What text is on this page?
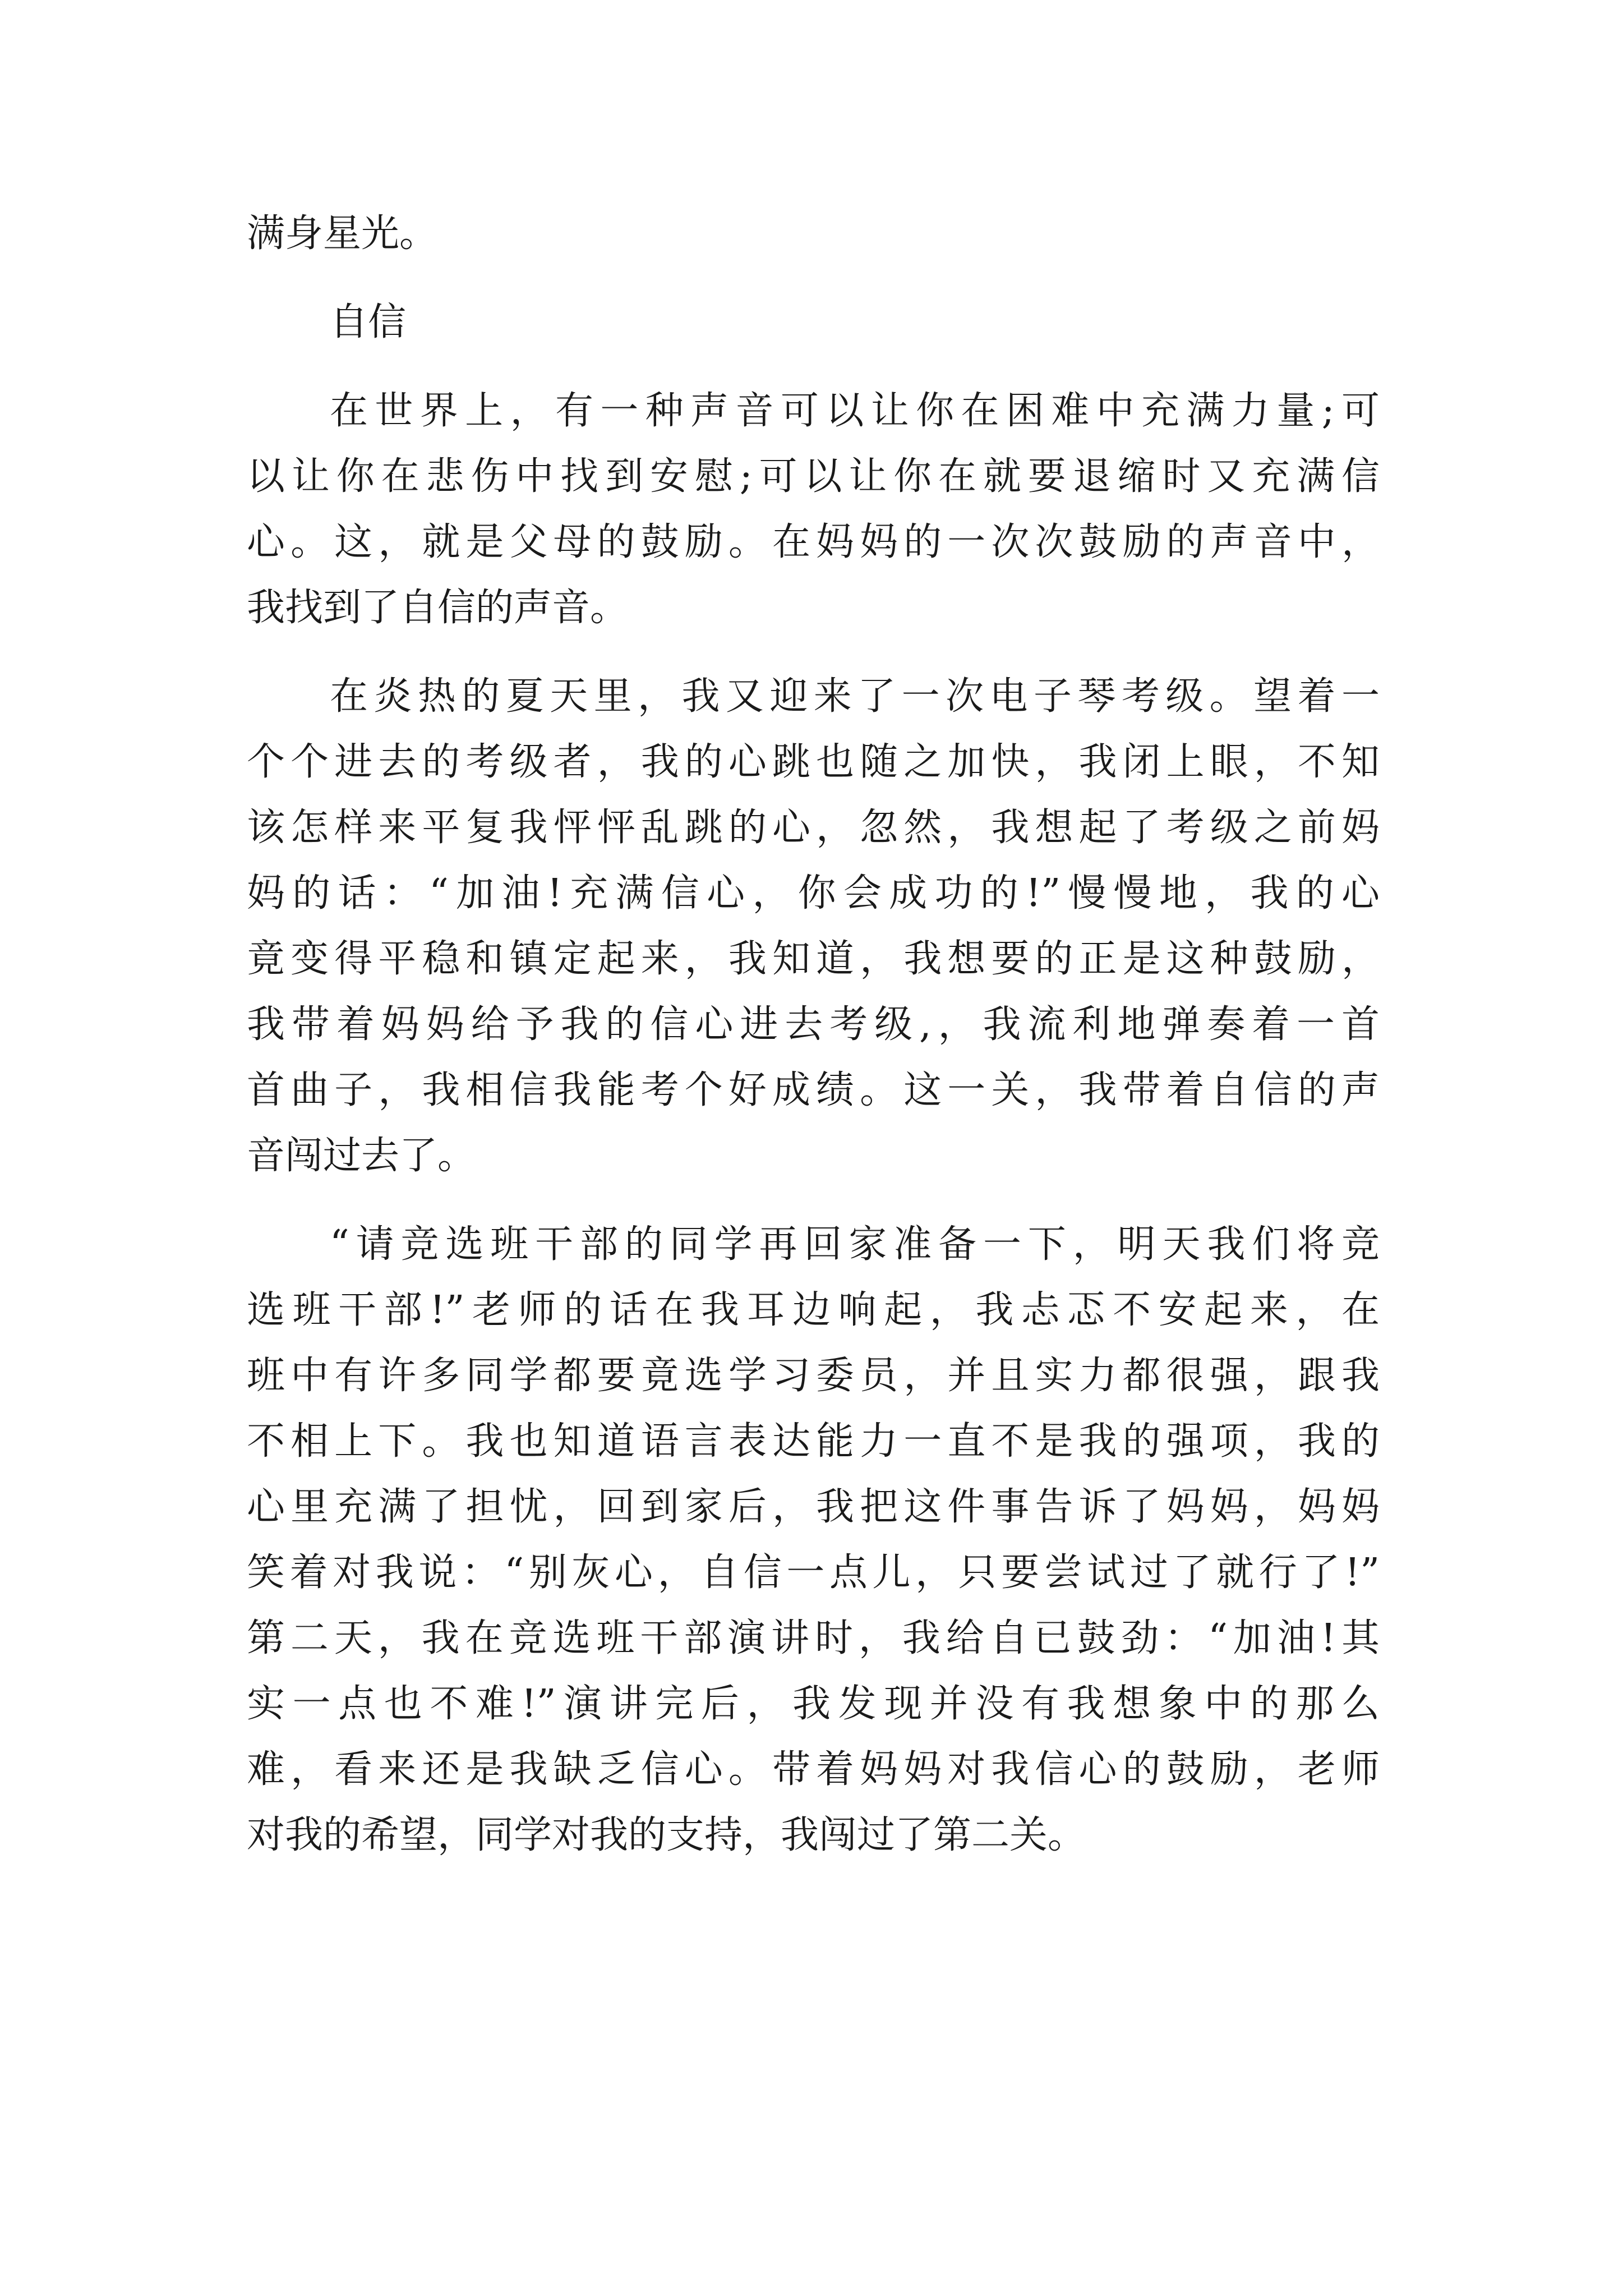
满身星光。
自信
在世界上，有一种声音可以让你在困难中充满力量;可
以让你在悲伤中找到安慰;可以让你在就要退缩时又充满信
心。这，就是父母的鼓励。在妈妈的一次次鼓励的声音中，
我找到了自信的声音。
在炎热的夏天里，我又迎来了一次电子琴考级。望着一
个个进去的考级者，我的心跳也随之加快，我闭上眼，不知
该怎样来平复我怦怦乱跳的心，忽然，我想起了考级之前妈
妈的话：“加油!充满信心，你会成功的!”慢慢地，我的心
竟变得平稳和镇定起来，我知道，我想要的正是这种鼓励，
我带着妈妈给予我的信心进去考级,，我流利地弹奏着一首
首曲子，我相信我能考个好成绩。这一关，我带着自信的声
音闯过去了。
“请竞选班干部的同学再回家准备一下，明天我们将竞
选班干部!”老师的话在我耳边响起，我忐忑不安起来，在
班中有许多同学都要竟选学习委员，并且实力都很强，跟我
不相上下。我也知道语言表达能力一直不是我的强项，我的
心里充满了担忧，回到家后，我把这件事告诉了妈妈，妈妈
笑着对我说：“别灰心，自信一点儿，只要尝试过了就行了!”
第二天，我在竞选班干部演讲时，我给自已鼓劲：“加油!其
实一点也不难!”演讲完后，我发现并没有我想象中的那么
难，看来还是我缺乏信心。带着妈妈对我信心的鼓励，老师
对我的希望，同学对我的支持，我闯过了第二关。
